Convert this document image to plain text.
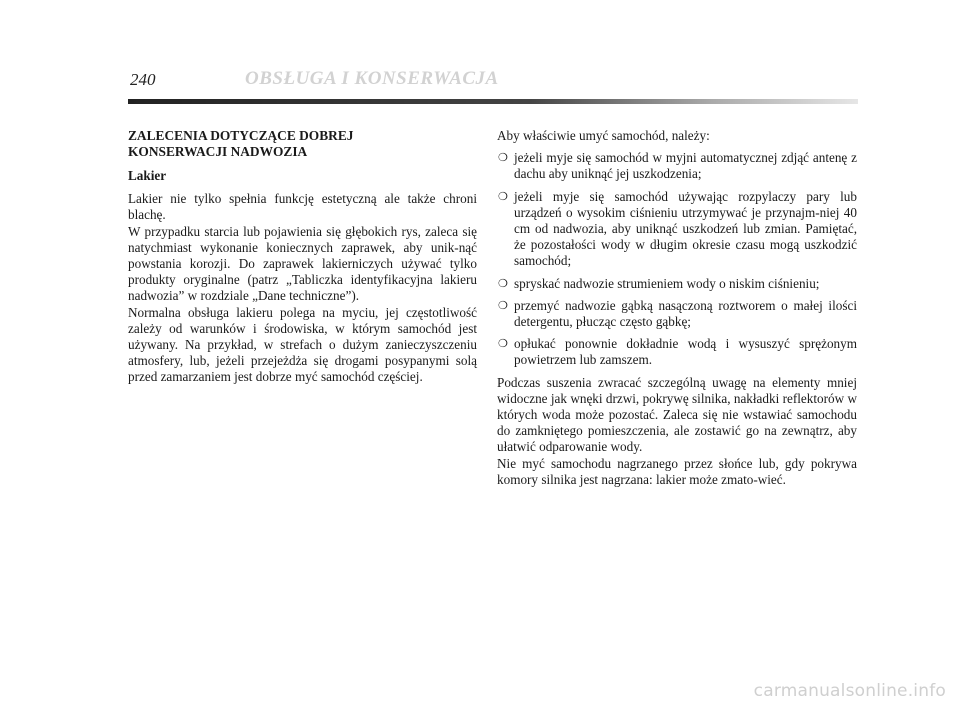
240	OBSŁUGA I KONSERWACJA
ZALECENIA DOTYCZĄCE DOBREJ
KONSERWACJI NADWOZIA
Lakier

Lakier nie tylko spełnia funkcję estetyczną ale także chroni blachę.

W przypadku starcia lub pojawienia się głębokich rys, zaleca się natychmiast wykonanie koniecznych zaprawek, aby unik-nąć powstania korozji. Do zaprawek lakierniczych używać tylko produkty oryginalne (patrz „Tabliczka identyfikacyjna lakieru nadwozia” w rozdziale „Dane techniczne”).

Normalna obsługa lakieru polega na myciu, jej częstotliwość zależy od warunków i środowiska, w którym samochód jest używany. Na przykład, w strefach o dużym zanieczyszczeniu atmosfery, lub, jeżeli przejeżdża się drogami posypanymi solą przed zamarzaniem jest dobrze myć samochód częściej.

Aby właściwie umyć samochód, należy:

❍ jeżeli myje się samochód w myjni automatycznej zdjąć antenę z dachu aby uniknąć jej uszkodzenia;
❍ jeżeli myje się samochód używając rozpylaczy pary lub urządzeń o wysokim ciśnieniu utrzymywać je przynajm-niej 40 cm od nadwozia, aby uniknąć uszkodzeń lub zmian. Pamiętać, że pozostałości wody w długim okresie czasu mogą uszkodzić samochód;
❍ spryskać nadwozie strumieniem wody o niskim ciśnieniu;
❍ przemyć nadwozie gąbką nasączoną roztworem o małej ilości detergentu, płucząc często gąbkę;
❍ opłukać ponownie dokładnie wodą i wysuszyć sprężonym powietrzem lub zamszem.

Podczas suszenia zwracać szczególną uwagę na elementy mniej widoczne jak wnęki drzwi, pokrywę silnika, nakładki reflektorów w których woda może pozostać. Zaleca się nie wstawiać samochodu do zamkniętego pomieszczenia, ale zostawić go na zewnątrz, aby ułatwić odparowanie wody.

Nie myć samochodu nagrzanego przez słońce lub, gdy pokrywa komory silnika jest nagrzana: lakier może zmato-wieć.

carmanualsonline.info
